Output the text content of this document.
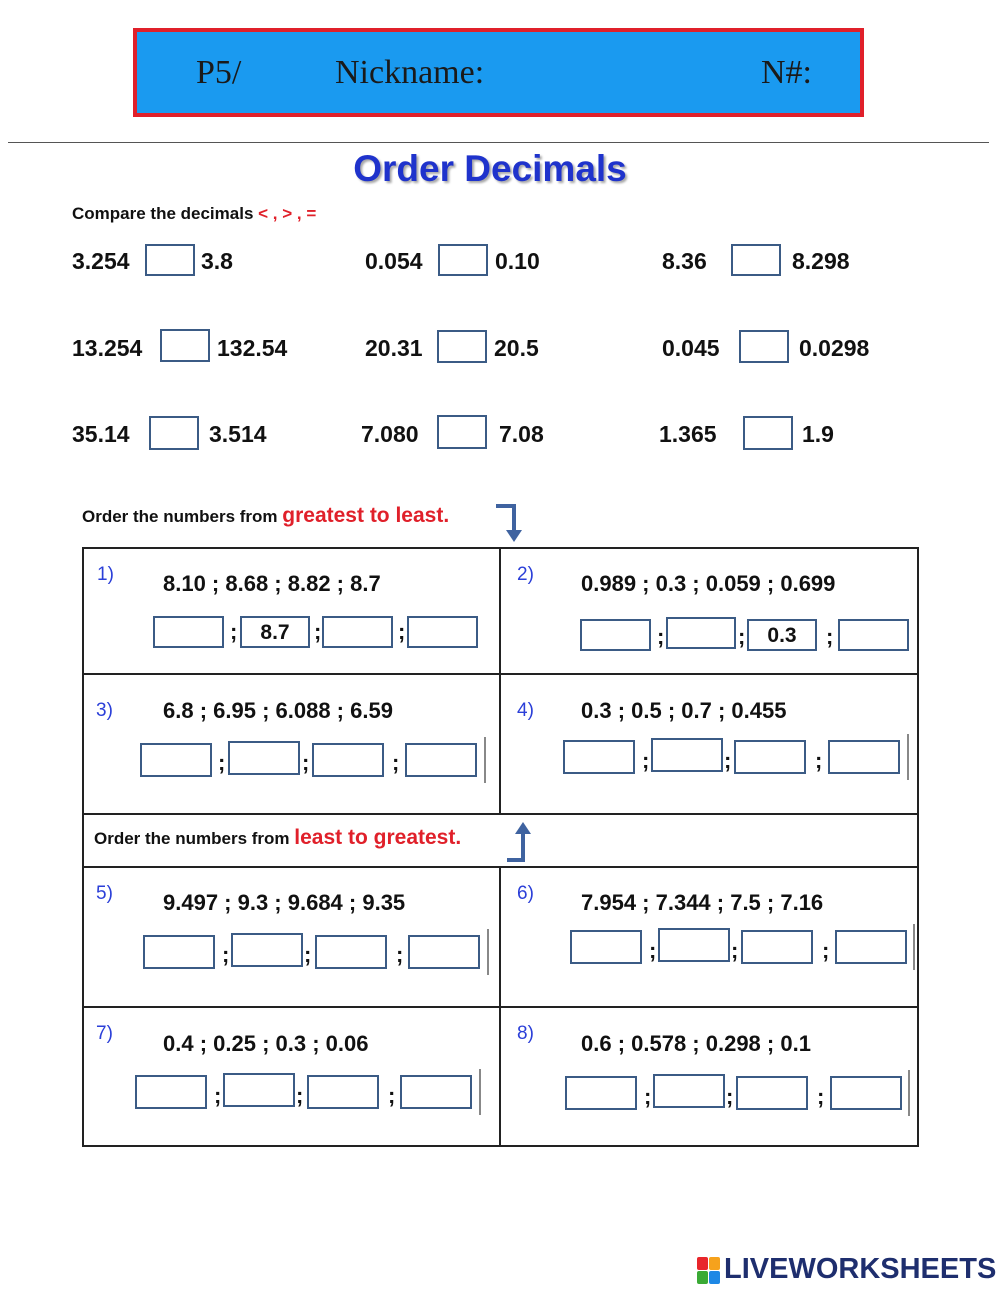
P5/	Nickname:	N#:
Order Decimals
Compare the decimals < , > , =
3.254	3.8	0.054	0.10	8.36	8.298
13.254	132.54	20.31	20.5	0.045	0.0298
35.14	3.514	7.080	7.08	1.365	1.9
Order the numbers from greatest to least.
Order the numbers from least to greatest.
1) 8.10 ; 8.68 ; 8.82 ; 8.7
;	8.7	;	;
2) 0.989 ; 0.3 ; 0.059 ; 0.699
;	;	0.3	;
3) 6.8 ; 6.95 ; 6.088 ; 6.59
;	;	;
4) 0.3 ; 0.5 ; 0.7 ; 0.455
;	;	;
5) 9.497 ; 9.3 ; 9.684 ; 9.35
;	;	;
6) 7.954 ; 7.344 ; 7.5 ; 7.16
;	;	;
7) 0.4 ; 0.25 ; 0.3 ; 0.06
;	;	;
8) 0.6 ; 0.578 ; 0.298 ; 0.1
;	;	;
LIVEWORKSHEETS
